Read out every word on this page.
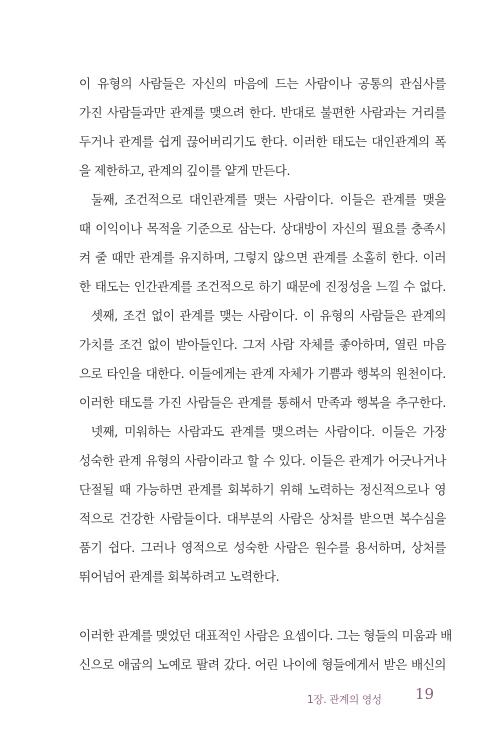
이 유형의 사람들은 자신의 마음에 드는 사람이나 공통의 관심사를
가진 사람들과만 관계를 맺으려 한다. 반대로 불편한 사람과는 거리를
두거나 관계를 쉽게 끊어버리기도 한다. 이러한 태도는 대인관계의 폭
을 제한하고, 관계의 깊이를 얕게 만든다.
둘째, 조건적으로 대인관계를 맺는 사람이다. 이들은 관계를 맺을
때 이익이나 목적을 기준으로 삼는다. 상대방이 자신의 필요를 충족시
켜 줄 때만 관계를 유지하며, 그렇지 않으면 관계를 소홀히 한다. 이러
한 태도는 인간관계를 조건적으로 하기 때문에 진정성을 느낄 수 없다.
셋째, 조건 없이 관계를 맺는 사람이다. 이 유형의 사람들은 관계의
가치를 조건 없이 받아들인다. 그저 사람 자체를 좋아하며, 열린 마음
으로 타인을 대한다. 이들에게는 관계 자체가 기쁨과 행복의 원천이다.
이러한 태도를 가진 사람들은 관계를 통해서 만족과 행복을 추구한다.
넷째, 미워하는 사람과도 관계를 맺으려는 사람이다. 이들은 가장
성숙한 관계 유형의 사람이라고 할 수 있다. 이들은 관계가 어긋나거나
단절될 때 가능하면 관계를 회복하기 위해 노력하는 정신적으로나 영
적으로 건강한 사람들이다. 대부분의 사람은 상처를 받으면 복수심을
품기 쉽다. 그러나 영적으로 성숙한 사람은 원수를 용서하며, 상처를
뛰어넘어 관계를 회복하려고 노력한다.
이러한 관계를 맺었던 대표적인 사람은 요셉이다. 그는 형들의 미움과 배
신으로 애굽의 노예로 팔려 갔다. 어린 나이에 형들에게서 받은 배신의
1장. 관계의 영성 19
